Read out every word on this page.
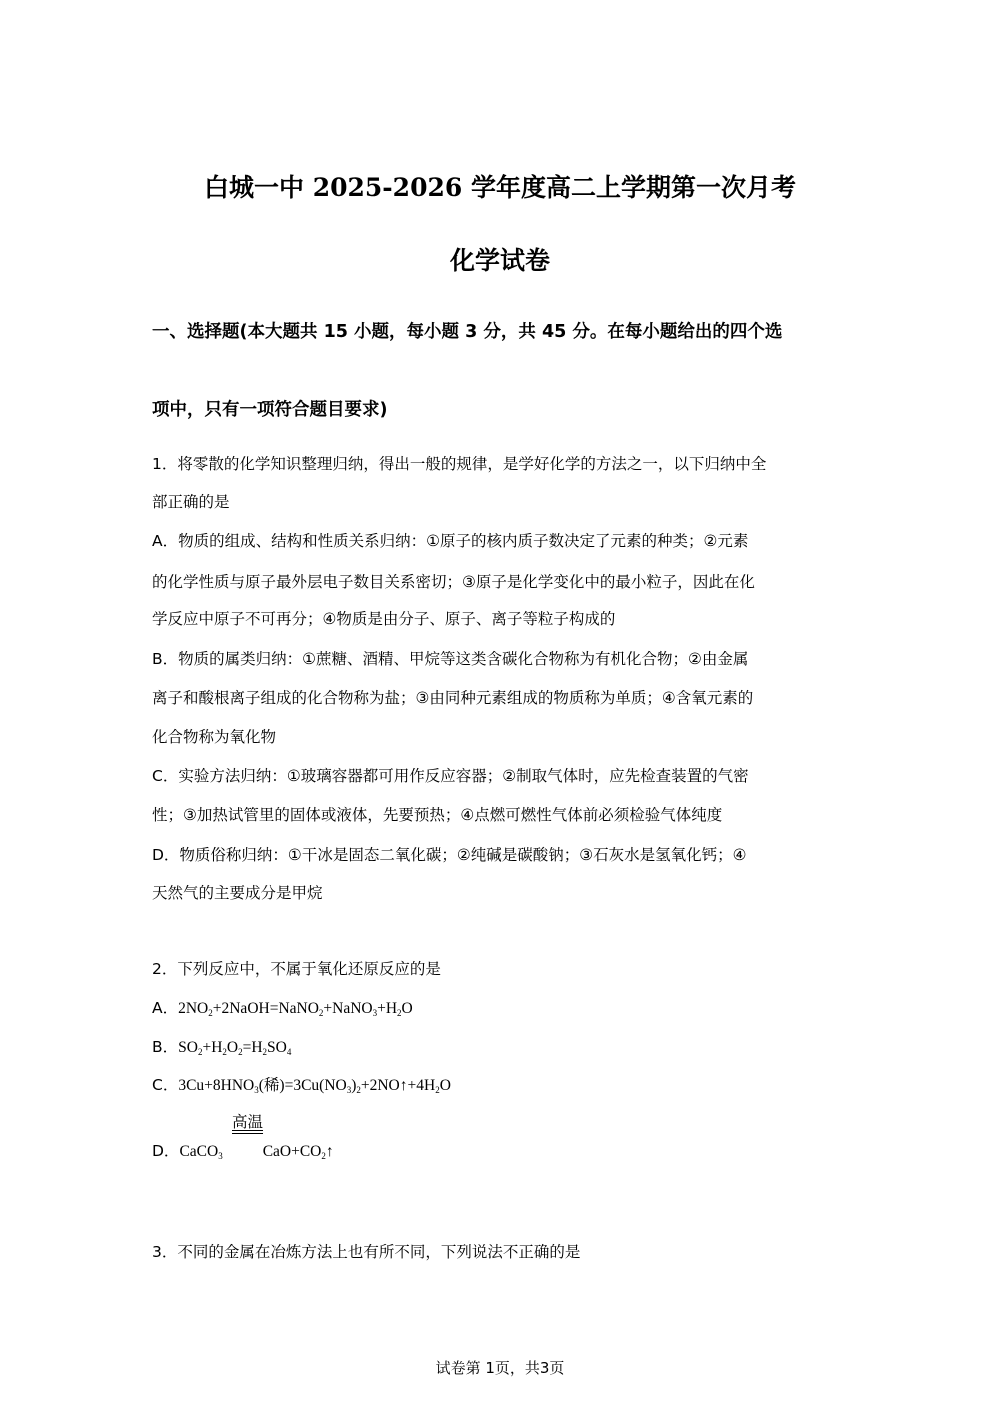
白城一中 2025-2026 学年度高二上学期第一次月考
化学试卷
一、选择题(本大题共 15 小题，每小题 3 分，共 45 分。在每小题给出的四个选
项中，只有一项符合题目要求)
1．将零散的化学知识整理归纳，得出一般的规律，是学好化学的方法之一，以下归纳中全
部正确的是
A．物质的组成、结构和性质关系归纳：①原子的核内质子数决定了元素的种类；②元素
的化学性质与原子最外层电子数目关系密切；③原子是化学变化中的最小粒子，因此在化
学反应中原子不可再分；④物质是由分子、原子、离子等粒子构成的
B．物质的属类归纳：①蔗糖、酒精、甲烷等这类含碳化合物称为有机化合物；②由金属
离子和酸根离子组成的化合物称为盐；③由同种元素组成的物质称为单质；④含氧元素的
化合物称为氧化物
C．实验方法归纳：①玻璃容器都可用作反应容器；②制取气体时，应先检查装置的气密
性；③加热试管里的固体或液体，先要预热；④点燃可燃性气体前必须检验气体纯度
D．物质俗称归纳：①干冰是固态二氧化碳；②纯碱是碳酸钠；③石灰水是氢氧化钙；④
天然气的主要成分是甲烷
2．下列反应中，不属于氧化还原反应的是
A．$2NO_2+2NaOH=NaNO_2+NaNO_3+H_2O$
B．$SO_2+H_2O_2=H_2SO_4$
C．$3Cu+8HNO_3$(稀)$=3Cu(NO_3)_2+2NO↑+4H_2O$
高温
D．CaCO$_3$	$CaO+CO_2↑$
3．不同的金属在冶炼方法上也有所不同，下列说法不正确的是
试卷第 1页，共3页
